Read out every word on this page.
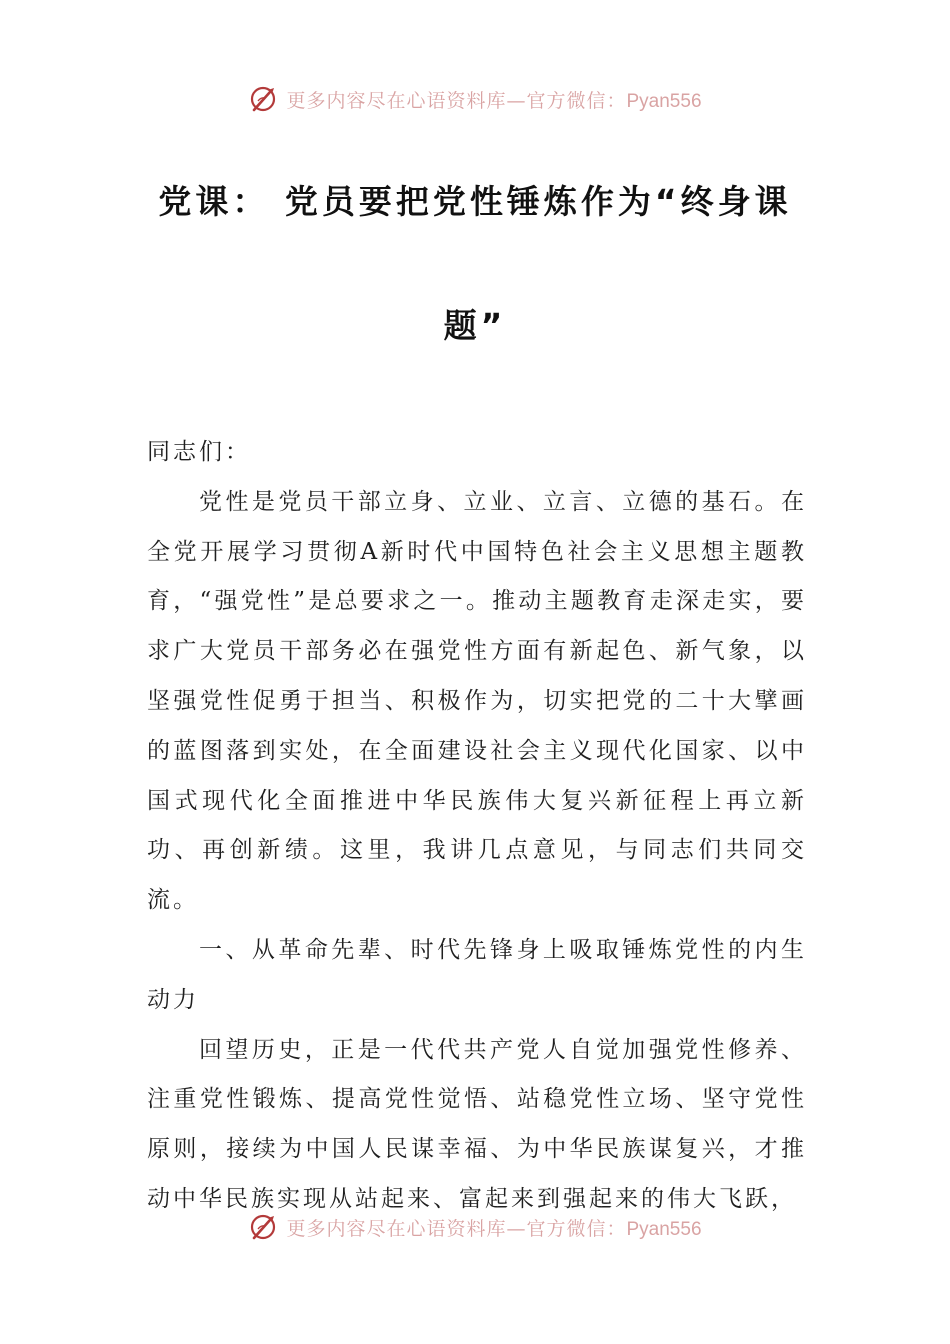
更多内容尽在心语资料库—官方微信：Pyan556
党课： 党员要把党性锤炼作为“终身课
题”

同志们：

党性是党员干部立身、立业、立言、立德的基石。在全党开展学习贯彻A新时代中国特色社会主义思想主题教育，“强党性”是总要求之一。推动主题教育走深走实，要求广大党员干部务必在强党性方面有新起色、新气象，以坚强党性促勇于担当、积极作为，切实把党的二十大擘画的蓝图落到实处，在全面建设社会主义现代化国家、以中国式现代化全面推进中华民族伟大复兴新征程上再立新功、再创新绩。这里，我讲几点意见，与同志们共同交流。

一、从革命先辈、时代先锋身上吸取锤炼党性的内生动力

回望历史，正是一代代共产党人自觉加强党性修养、注重党性锻炼、提高党性觉悟、站稳党性立场、坚守党性原则，接续为中国人民谋幸福、为中华民族谋复兴，才推动中华民族实现从站起来、富起来到强起来的伟大飞跃，

更多内容尽在心语资料库—官方微信：Pyan556
